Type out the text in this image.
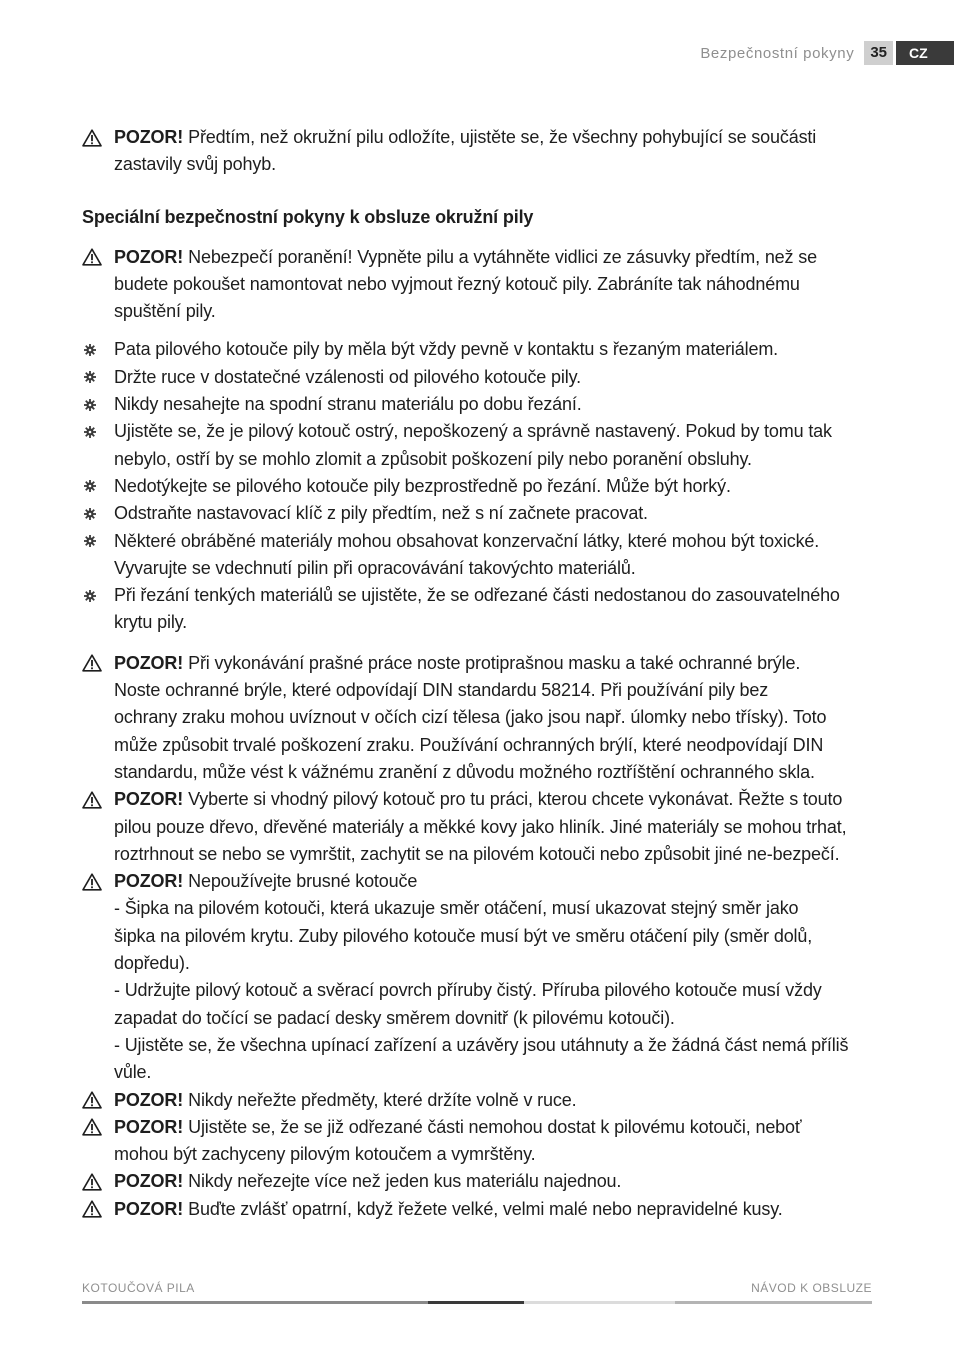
Bezpečnostní pokyny	35	CZ
POZOR! Předtím, než okružní pilu odložíte, ujistěte se, že všechny pohybující se součásti
zastavily svůj pohyb.
Speciální bezpečnostní pokyny k obsluze okružní pily
POZOR! Nebezpečí poranění! Vypněte pilu a vytáhněte vidlici ze zásuvky předtím, než se
budete pokoušet namontovat nebo vyjmout řezný kotouč pily. Zabráníte tak náhodnému
spuštění pily.
Pata pilového kotouče pily by měla být vždy pevně v kontaktu s řezaným materiálem.
Držte ruce v dostatečné vzálenosti od pilového kotouče pily.
Nikdy nesahejte na spodní stranu materiálu po dobu řezání.
Ujistěte se, že je pilový kotouč ostrý, nepoškozený a správně nastavený. Pokud by tomu tak
nebylo, ostří by se mohlo zlomit a způsobit poškození pily nebo poranění obsluhy.
Nedotýkejte se pilového kotouče pily bezprostředně po řezání. Může být horký.
Odstraňte nastavovací klíč z pily předtím, než s ní začnete pracovat.
Některé obráběné materiály mohou obsahovat konzervační látky, které mohou být toxické.
Vyvarujte se vdechnutí pilin při opracovávání takovýchto materiálů.
Při řezání tenkých materiálů se ujistěte, že se odřezané části nedostanou do zasouvatelného
krytu pily.
POZOR! Při vykonávání prašné práce noste protiprašnou masku a také ochranné brýle.
Noste ochranné brýle, které odpovídají DIN standardu 58214. Při používání pily bez
ochrany zraku mohou uvíznout v očích cizí tělesa (jako jsou např. úlomky nebo třísky). Toto
může způsobit trvalé poškození zraku. Používání ochranných brýlí, které neodpovídají DIN
standardu, může vést k vážnému zranění z důvodu možného roztříštění ochranného skla.
POZOR! Vyberte si vhodný pilový kotouč pro tu práci, kterou chcete vykonávat. Řežte s touto
pilou pouze dřevo, dřevěné materiály a měkké kovy jako hliník. Jiné materiály se mohou trhat,
roztrhnout se nebo se vymrštit, zachytit se na pilovém kotouči nebo způsobit jiné ne-bezpečí.
POZOR! Nepoužívejte brusné kotouče
- Šipka na pilovém kotouči, která ukazuje směr otáčení, musí ukazovat stejný směr jako
šipka na pilovém krytu. Zuby pilového kotouče musí být ve směru otáčení pily (směr dolů,
dopředu).
- Udržujte pilový kotouč a svěrací povrch příruby čistý. Příruba pilového kotouče musí vždy
zapadat do točící se padací desky směrem dovnitř (k pilovému kotouči).
- Ujistěte se, že všechna upínací zařízení a uzávěry jsou utáhnuty a že žádná část nemá příliš
vůle.
POZOR! Nikdy neřežte předměty, které držíte volně v ruce.
POZOR! Ujistěte se, že se již odřezané části nemohou dostat k pilovému kotouči, neboť
mohou být zachyceny pilovým kotoučem a vymrštěny.
POZOR! Nikdy neřezejte více než jeden kus materiálu najednou.
POZOR! Buďte zvlášť opatrní, když řežete velké, velmi malé nebo nepravidelné kusy.
KOTOUČOVÁ PILA	NÁVOD K OBSLUZE
